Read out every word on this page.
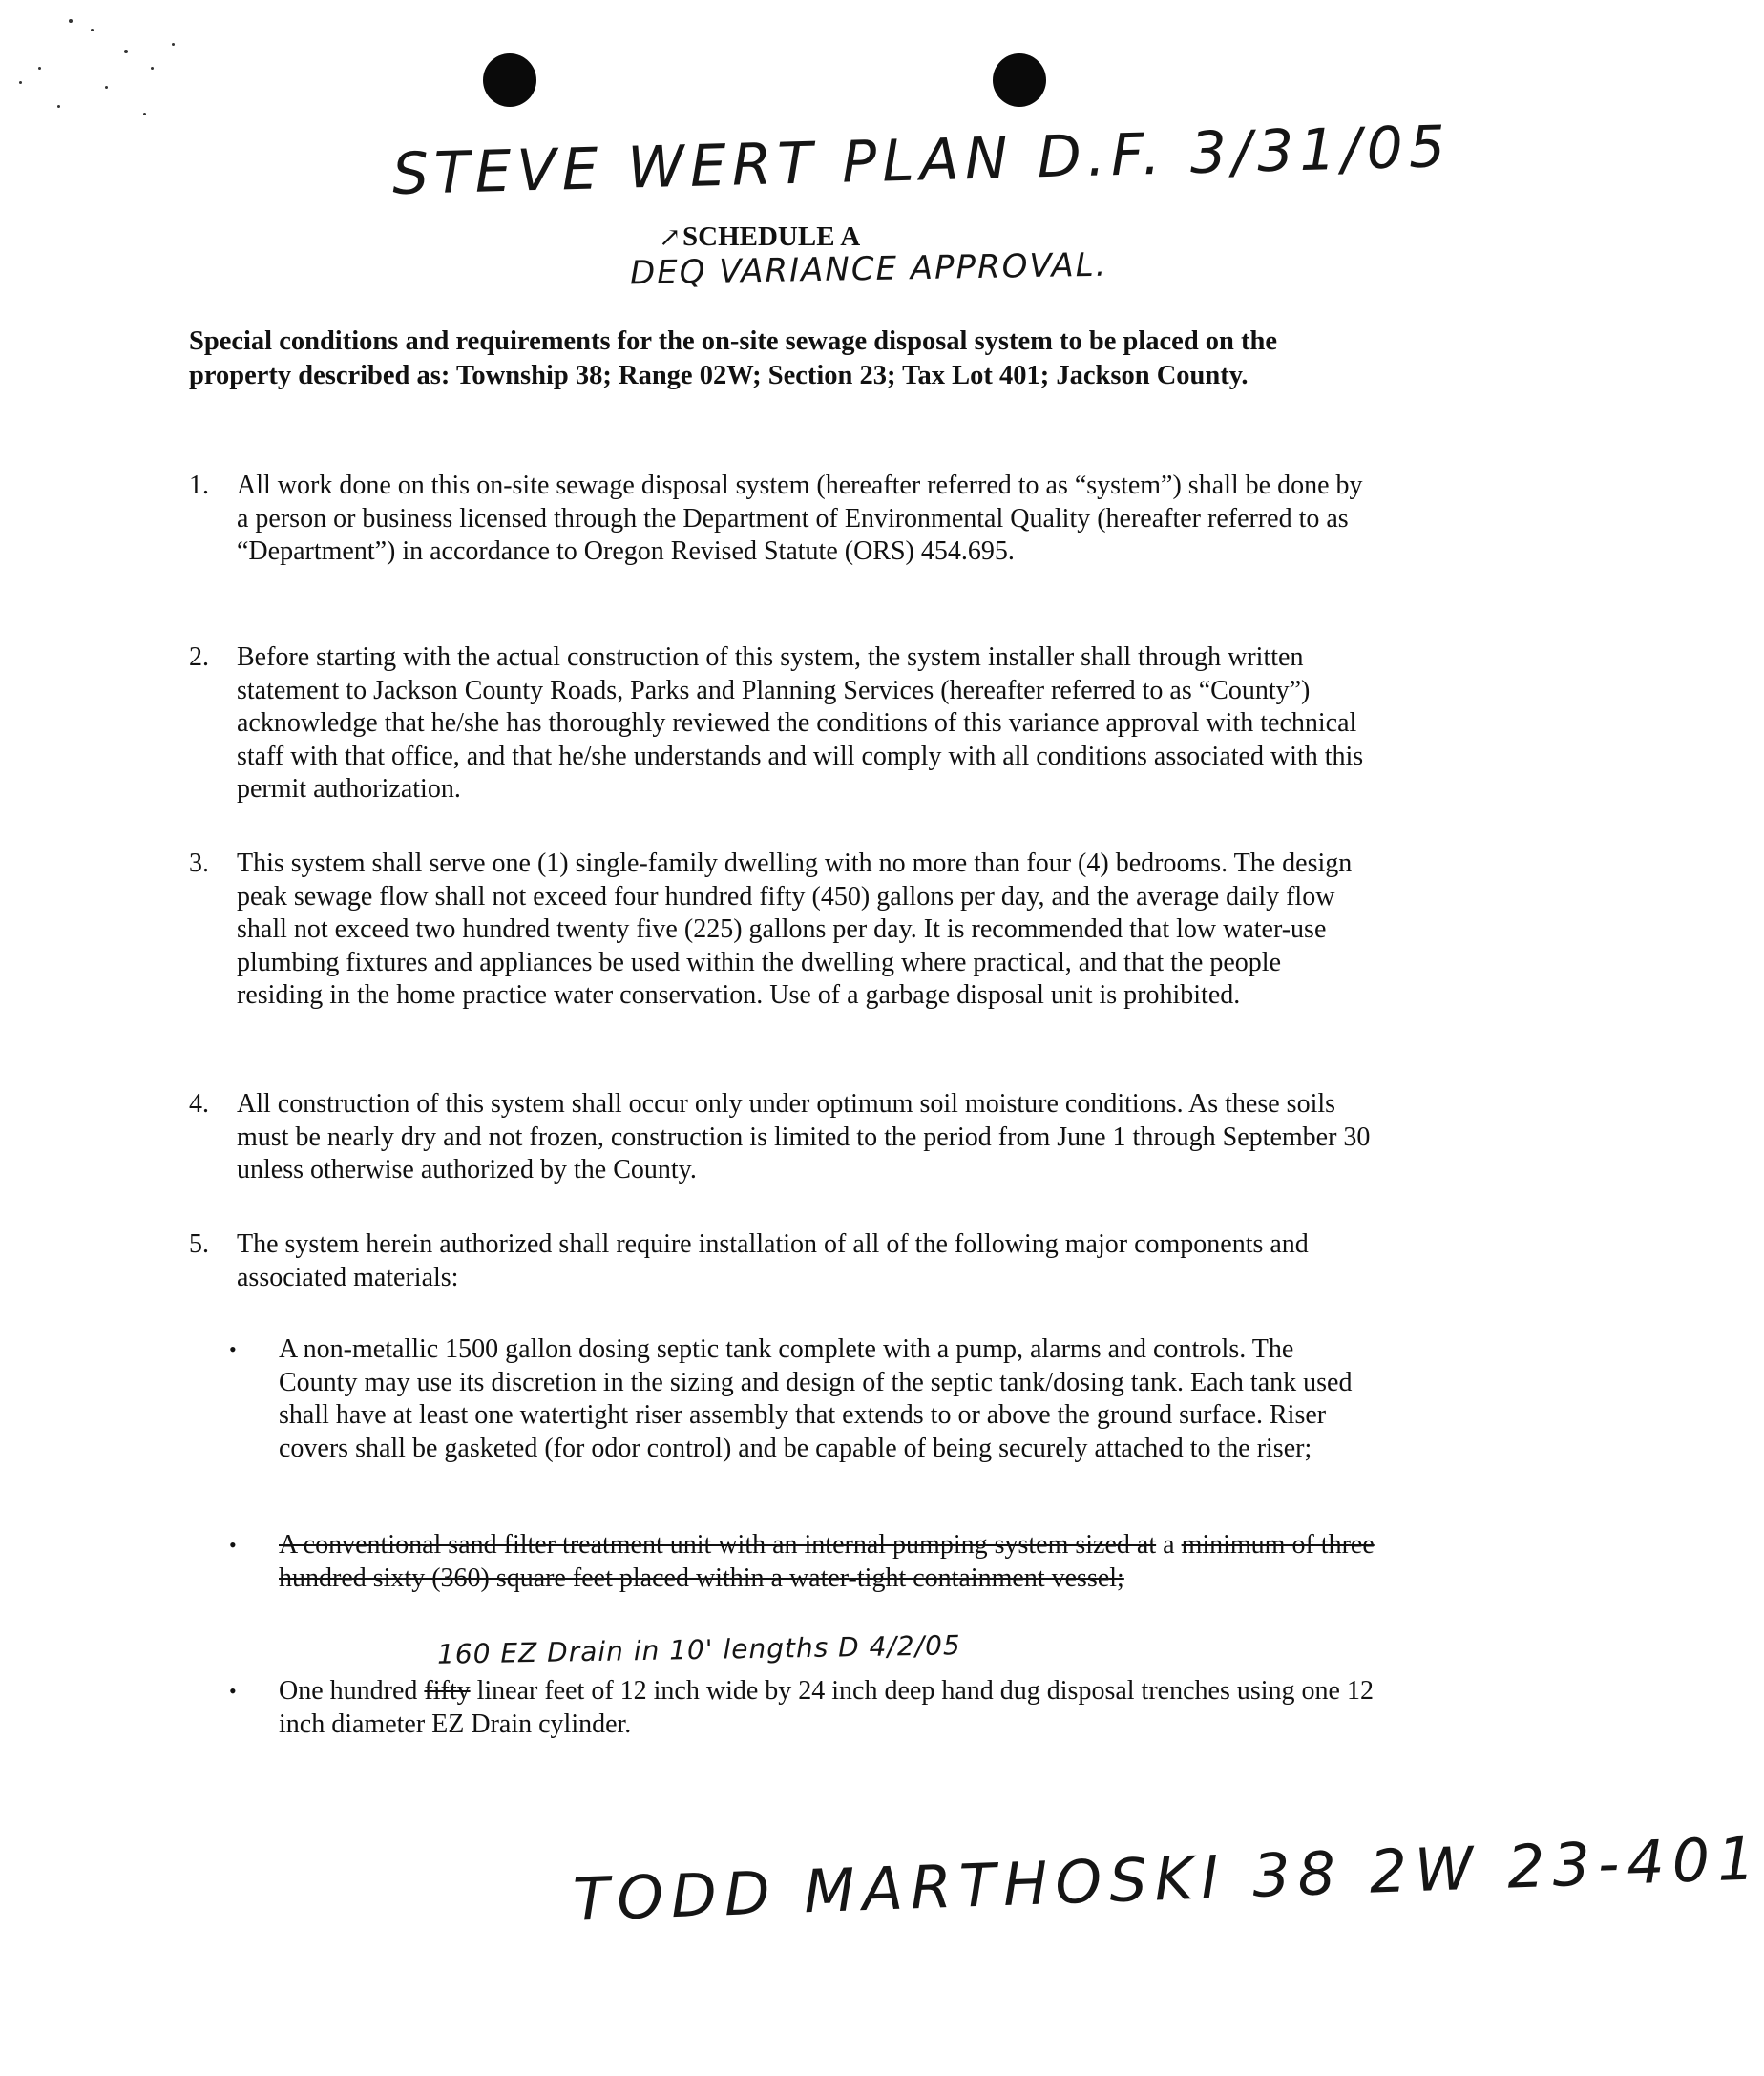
STEVE WERT PLAN D.F. 3/31/05
↗ SCHEDULE A
DEQ VARIANCE APPROVAL.
Special conditions and requirements for the on-site sewage disposal system to be placed on the property described as: Township 38; Range 02W; Section 23; Tax Lot 401; Jackson County.
1. All work done on this on-site sewage disposal system (hereafter referred to as “system”) shall be done by a person or business licensed through the Department of Environmental Quality (hereafter referred to as “Department”) in accordance to Oregon Revised Statute (ORS) 454.695.
2. Before starting with the actual construction of this system, the system installer shall through written statement to Jackson County Roads, Parks and Planning Services (hereafter referred to as “County”) acknowledge that he/she has thoroughly reviewed the conditions of this variance approval with technical staff with that office, and that he/she understands and will comply with all conditions associated with this permit authorization.
3. This system shall serve one (1) single-family dwelling with no more than four (4) bedrooms. The design peak sewage flow shall not exceed four hundred fifty (450) gallons per day, and the average daily flow shall not exceed two hundred twenty five (225) gallons per day. It is recommended that low water-use plumbing fixtures and appliances be used within the dwelling where practical, and that the people residing in the home practice water conservation. Use of a garbage disposal unit is prohibited.
4. All construction of this system shall occur only under optimum soil moisture conditions. As these soils must be nearly dry and not frozen, construction is limited to the period from June 1 through September 30 unless otherwise authorized by the County.
5. The system herein authorized shall require installation of all of the following major components and associated materials:
• A non-metallic 1500 gallon dosing septic tank complete with a pump, alarms and controls. The County may use its discretion in the sizing and design of the septic tank/dosing tank. Each tank used shall have at least one watertight riser assembly that extends to or above the ground surface. Riser covers shall be gasketed (for odor control) and be capable of being securely attached to the riser;
• A conventional sand filter treatment unit with an internal pumping system sized at a minimum of three hundred sixty (360) square feet placed within a water-tight containment vessel;
160 EZ Drain in 10' lengths D 4/2/05
• One hundred fifty linear feet of 12 inch wide by 24 inch deep hand dug disposal trenches using one 12 inch diameter EZ Drain cylinder.
TODD MARTHOSKI 38 2W 23-401
